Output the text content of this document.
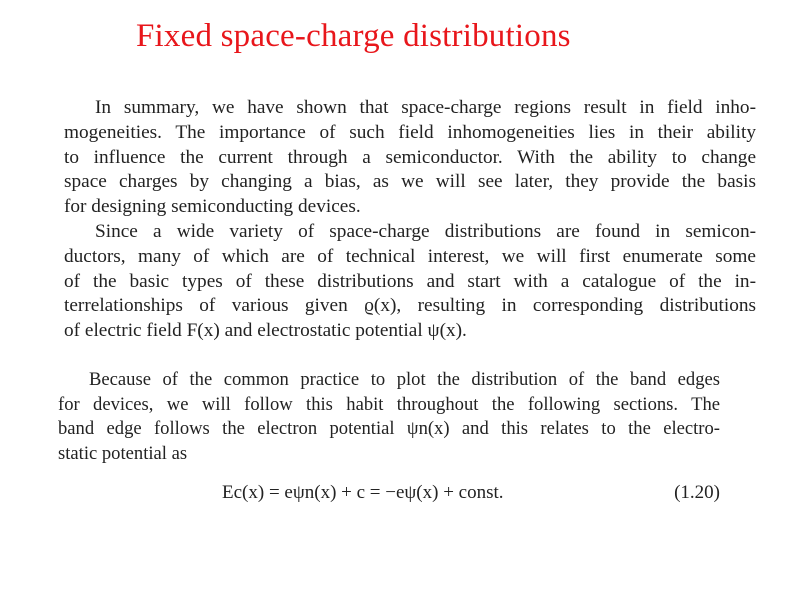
Fixed space-charge distributions
In summary, we have shown that space-charge regions result in field inho-
mogeneities. The importance of such field inhomogeneities lies in their ability
to influence the current through a semiconductor. With the ability to change
space charges by changing a bias, as we will see later, they provide the basis
for designing semiconducting devices.
Since a wide variety of space-charge distributions are found in semicon-
ductors, many of which are of technical interest, we will first enumerate some
of the basic types of these distributions and start with a catalogue of the in-
terrelationships of various given ϱ(x), resulting in corresponding distributions
of electric field F(x) and electrostatic potential ψ(x).
Because of the common practice to plot the distribution of the band edges
for devices, we will follow this habit throughout the following sections. The
band edge follows the electron potential ψn(x) and this relates to the electro-
static potential as
Ec(x) = eψn(x) + c = −eψ(x) + const.	(1.20)
